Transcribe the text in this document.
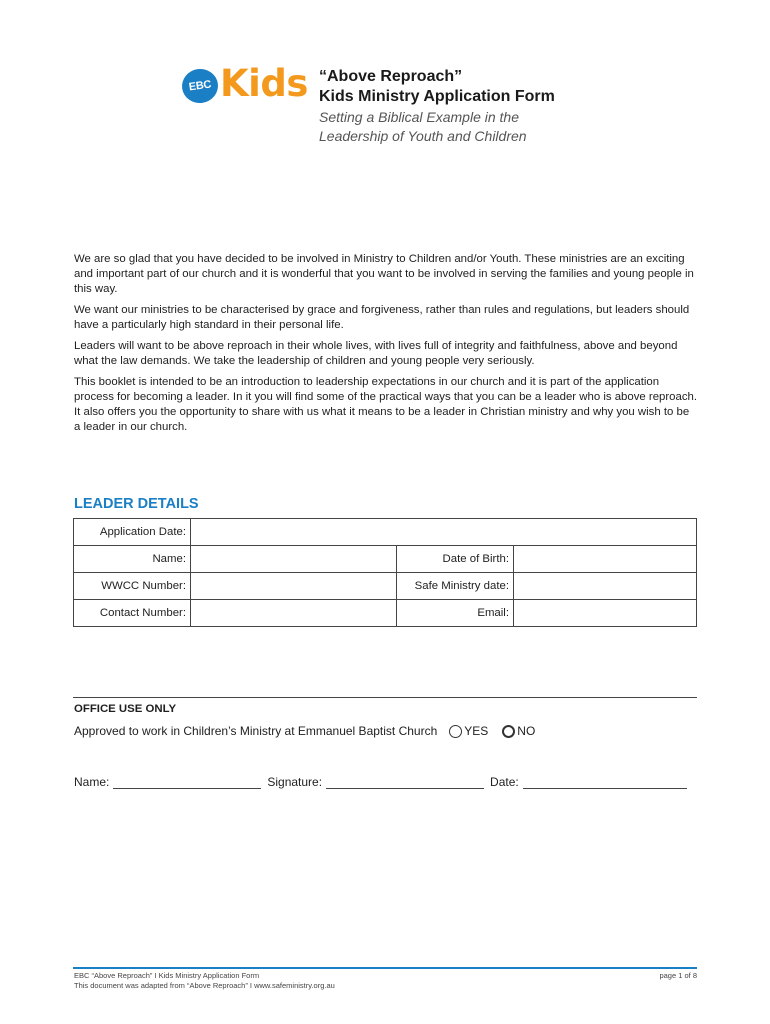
EBC Kids “Above Reproach”
Kids Ministry Application Form
Setting a Biblical Example in the
Leadership of Youth and Children

We are so glad that you have decided to be involved in Ministry to Children and/or Youth. These ministries are an exciting and important part of our church and it is wonderful that you want to be involved in serving the families and young people in this way.

We want our ministries to be characterised by grace and forgiveness, rather than rules and regulations, but leaders should have a particularly high standard in their personal life.

Leaders will want to be above reproach in their whole lives, with lives full of integrity and faithfulness, above and beyond what the law demands. We take the leadership of children and young people very seriously.

This booklet is intended to be an introduction to leadership expectations in our church and it is part of the application process for becoming a leader. In it you will find some of the practical ways that you can be a leader who is above reproach. It also offers you the opportunity to share with us what it means to be a leader in Christian ministry and why you wish to be a leader in our church.

LEADER DETAILS
Application Date:			
Name:		Date of Birth:	
WWCC Number:		Safe Ministry date:	
Contact Number:		Email:	
OFFICE USE ONLY
Approved to work in Children’s Ministry at Emmanuel Baptist Church YES NO
Name:	Signature:	Date:
EBC “Above Reproach” I Kids Ministry Application Form
This document was adapted from “Above Reproach” I www.safeministry.org.au
page 1 of 8
